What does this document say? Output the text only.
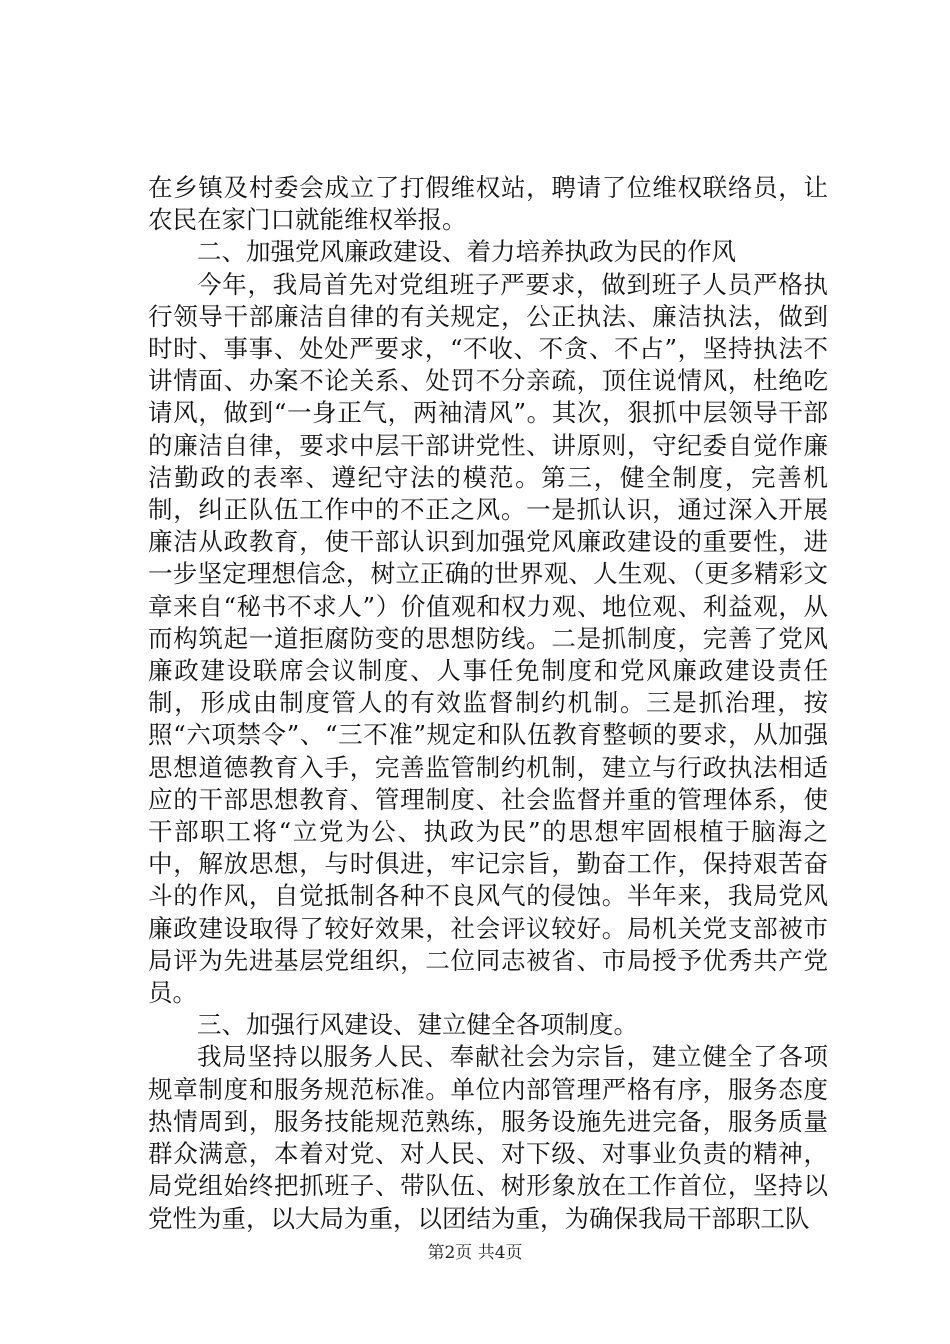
在乡镇及村委会成立了打假维权站，聘请了位维权联络员，让农民在家门口就能维权举报。

二、加强党风廉政建设、着力培养执政为民的作风

今年，我局首先对党组班子严要求，做到班子人员严格执行领导干部廉洁自律的有关规定，公正执法、廉洁执法，做到时时、事事、处处严要求，“不收、不贪、不占”，坚持执法不讲情面、办案不论关系、处罚不分亲疏，顶住说情风，杜绝吃请风，做到“一身正气，两袖清风”。其次，狠抓中层领导干部的廉洁自律，要求中层干部讲党性、讲原则，守纪委自觉作廉洁勤政的表率、遵纪守法的模范。第三，健全制度，完善机制，纠正队伍工作中的不正之风。一是抓认识，通过深入开展廉洁从政教育，使干部认识到加强党风廉政建设的重要性，进一步坚定理想信念，树立正确的世界观、人生观、（更多精彩文章来自“秘书不求人”）价值观和权力观、地位观、利益观，从而构筑起一道拒腐防变的思想防线。二是抓制度，完善了党风廉政建设联席会议制度、人事任免制度和党风廉政建设责任制，形成由制度管人的有效监督制约机制。三是抓治理，按照“六项禁令”、“三不准”规定和队伍教育整顿的要求，从加强思想道德教育入手，完善监管制约机制，建立与行政执法相适应的干部思想教育、管理制度、社会监督并重的管理体系，使干部职工将“立党为公、执政为民”的思想牢固根植于脑海之中，解放思想，与时俱进，牢记宗旨，勤奋工作，保持艰苦奋斗的作风，自觉抵制各种不良风气的侵蚀。半年来，我局党风廉政建设取得了较好效果，社会评议较好。局机关党支部被市局评为先进基层党组织，二位同志被省、市局授予优秀共产党员。

三、加强行风建设、建立健全各项制度。

我局坚持以服务人民、奉献社会为宗旨，建立健全了各项规章制度和服务规范标准。单位内部管理严格有序，服务态度热情周到，服务技能规范熟练，服务设施先进完备，服务质量群众满意，本着对党、对人民、对下级、对事业负责的精神，局党组始终把抓班子、带队伍、树形象放在工作首位，坚持以党性为重，以大局为重，以团结为重，为确保我局干部职工队

第2页 共4页
